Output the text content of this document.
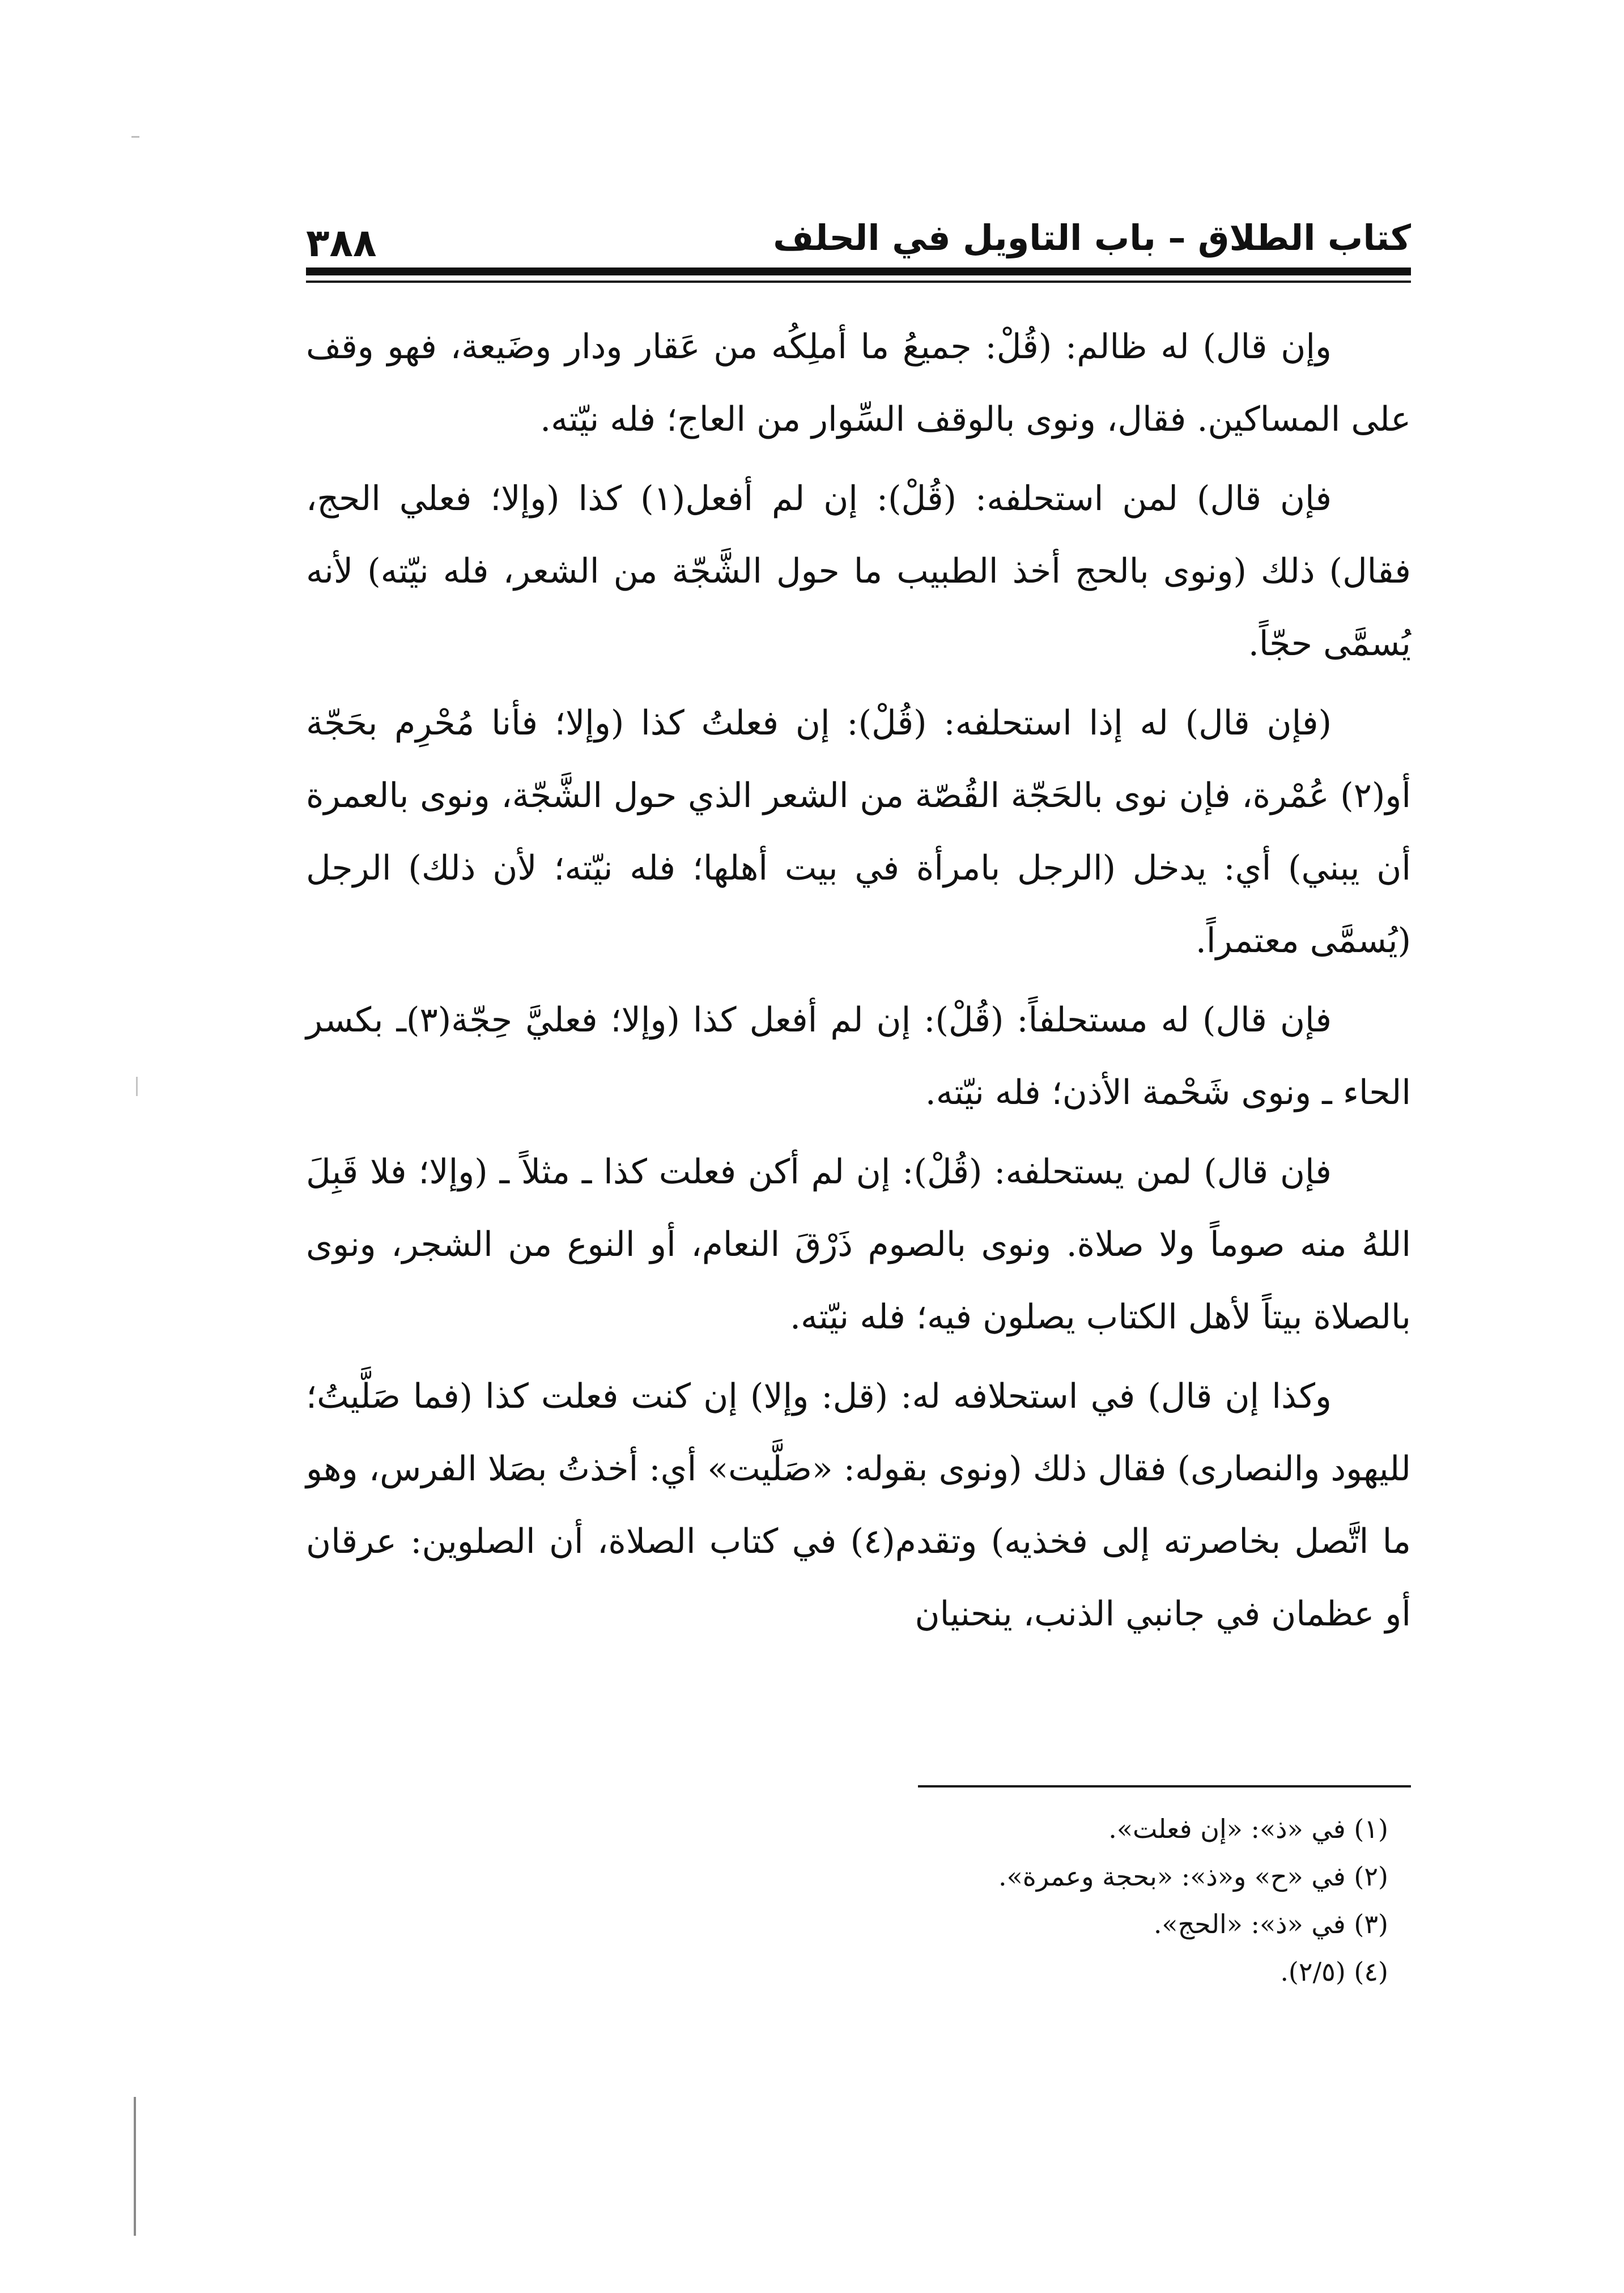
كتاب الطلاق – باب التاويل في الحلف
٣٨٨

وإن قال) له ظالم: (قُلْ: جميعُ ما أملِكُه من عَقار ودار وضَيعة، فهو وقف على المساكين. فقال، ونوى بالوقف السِّوار من العاج؛ فله نيّته.

فإن قال) لمن استحلفه: (قُلْ): إن لم أفعل(١) كذا (وإلا؛ فعلي الحج، فقال) ذلك (ونوى بالحج أخذ الطبيب ما حول الشَّجّة من الشعر، فله نيّته) لأنه يُسمَّى حجّاً.

(فإن قال) له إذا استحلفه: (قُلْ): إن فعلتُ كذا (وإلا؛ فأنا مُحْرِم بحَجّة أو(٢) عُمْرة، فإن نوى بالحَجّة القُصّة من الشعر الذي حول الشَّجّة، ونوى بالعمرة أن يبني) أي: يدخل (الرجل بامرأة في بيت أهلها؛ فله نيّته؛ لأن ذلك) الرجل (يُسمَّى معتمراً.

فإن قال) له مستحلفاً: (قُلْ): إن لم أفعل كذا (وإلا؛ فعليَّ حِجّة(٣)ـ بكسر الحاء ـ ونوى شَحْمة الأذن؛ فله نيّته.

فإن قال) لمن يستحلفه: (قُلْ): إن لم أكن فعلت كذا ـ مثلاً ـ (وإلا؛ فلا قَبِلَ اللهُ منه صوماً ولا صلاة. ونوى بالصوم ذَرْقَ النعام، أو النوع من الشجر، ونوى بالصلاة بيتاً لأهل الكتاب يصلون فيه؛ فله نيّته.

وكذا إن قال) في استحلافه له: (قل: وإلا) إن كنت فعلت كذا (فما صَلَّيتُ؛ لليهود والنصارى) فقال ذلك (ونوى بقوله: «صَلَّيت» أي: أخذتُ بصَلا الفرس، وهو ما اتَّصل بخاصرته إلى فخذيه) وتقدم(٤) في كتاب الصلاة، أن الصلوين: عرقان أو عظمان في جانبي الذنب، ينحنيان

(١) في «ذ»: «إن فعلت».

(٢) في «ح» و«ذ»: «بحجة وعمرة».

(٣) في «ذ»: «الحج».

(٤) (٢/٥).
